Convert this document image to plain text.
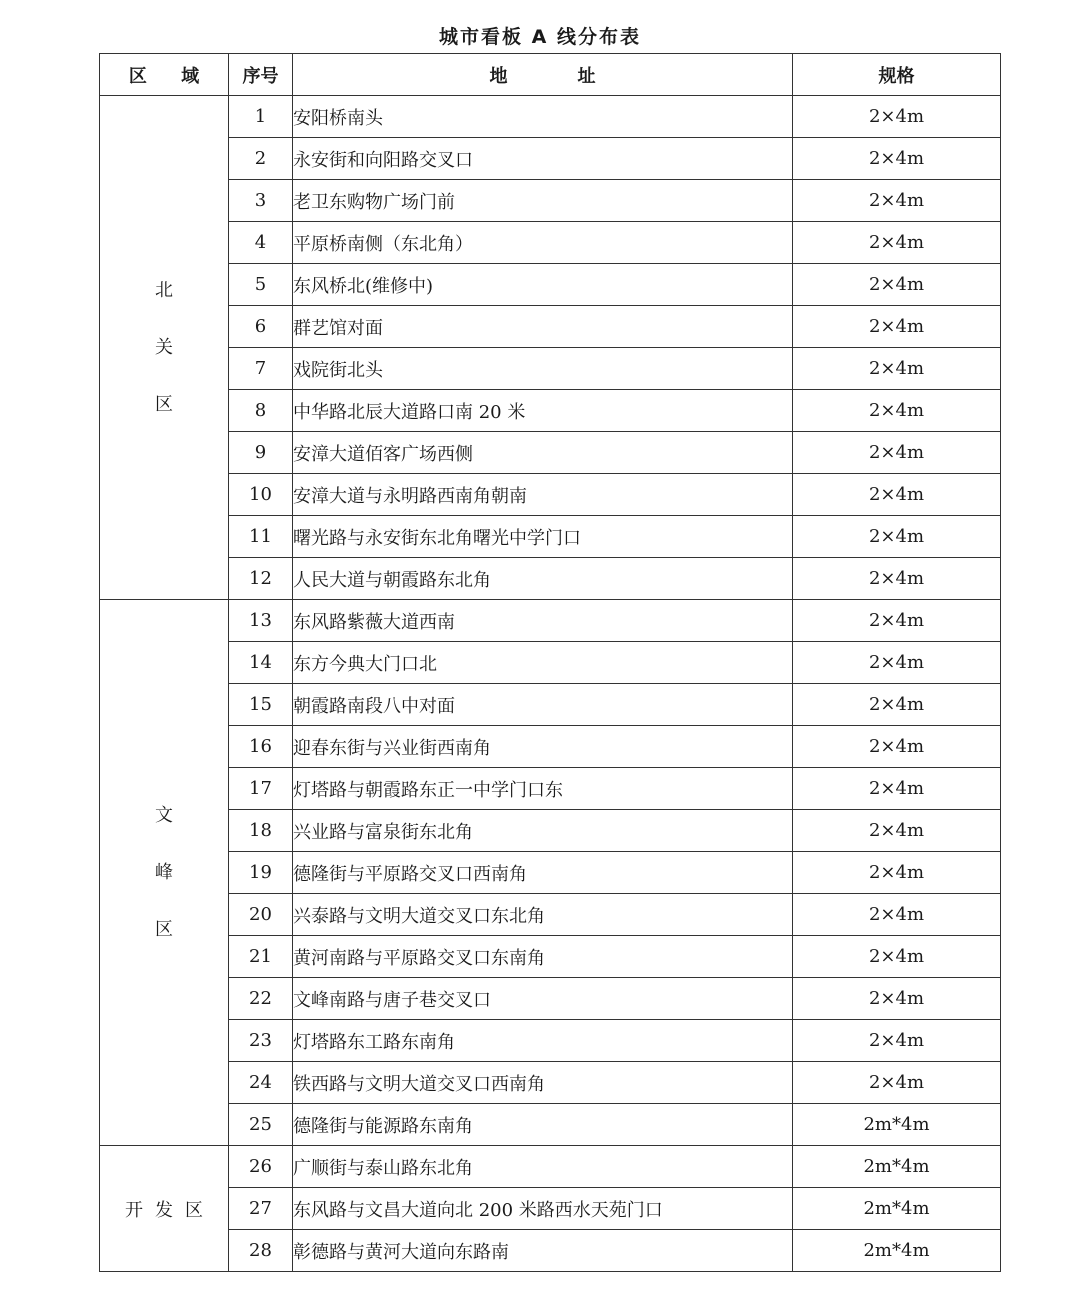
城市看板 A 线分布表
区 域	序号	地址	规格
北关区	1	安阳桥南头	2×4m
	2	永安街和向阳路交叉口	2×4m
	3	老卫东购物广场门前	2×4m
	4	平原桥南侧（东北角）	2×4m
	5	东风桥北(维修中)	2×4m
	6	群艺馆对面	2×4m
	7	戏院街北头	2×4m
	8	中华路北辰大道路口南 20 米	2×4m
	9	安漳大道佰客广场西侧	2×4m
	10	安漳大道与永明路西南角朝南	2×4m
	11	曙光路与永安街东北角曙光中学门口	2×4m
	12	人民大道与朝霞路东北角	2×4m
文峰区	13	东风路紫薇大道西南	2×4m
	14	东方今典大门口北	2×4m
	15	朝霞路南段八中对面	2×4m
	16	迎春东街与兴业街西南角	2×4m
	17	灯塔路与朝霞路东正一中学门口东	2×4m
	18	兴业路与富泉街东北角	2×4m
	19	德隆街与平原路交叉口西南角	2×4m
	20	兴泰路与文明大道交叉口东北角	2×4m
	21	黄河南路与平原路交叉口东南角	2×4m
	22	文峰南路与唐子巷交叉口	2×4m
	23	灯塔路东工路东南角	2×4m
	24	铁西路与文明大道交叉口西南角	2×4m
	25	德隆街与能源路东南角	2m*4m
开发区	26	广顺街与泰山路东北角	2m*4m
	27	东风路与文昌大道向北 200 米路西水天苑门口	2m*4m
	28	彰德路与黄河大道向东路南	2m*4m
